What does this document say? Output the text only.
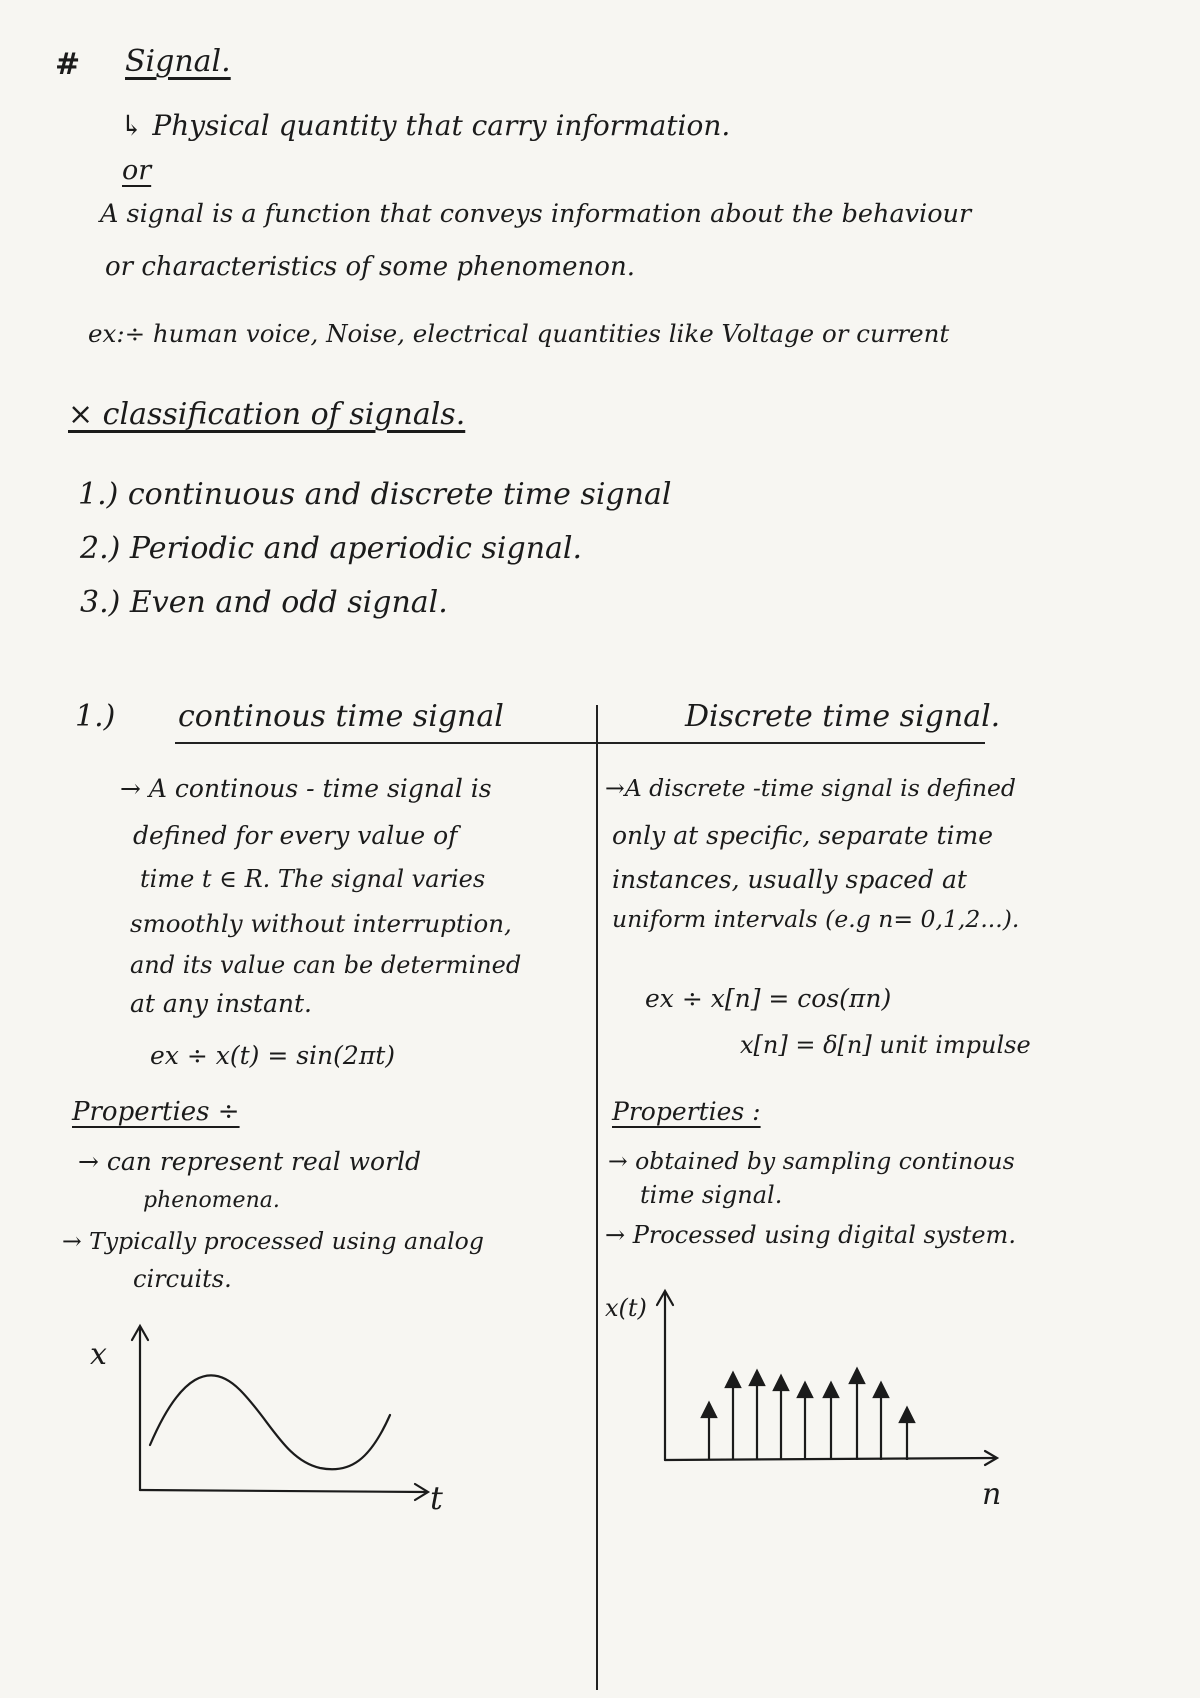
# Signal.
↳ Physical quantity that carry information.
or
A signal is a function that conveys information about the behaviour
or characteristics of some phenomenon.
ex:÷ human voice, Noise, electrical quantities like Voltage or current
× classification of signals.
1.) continuous and discrete time signal
2.) Periodic and aperiodic signal.
3.) Even and odd signal.
1.) continous time signal	Discrete time signal.
→ A continous - time signal is
defined for every value of
time t ∈ R. The signal varies
smoothly without interruption,
and its value can be determined
at any instant.
ex ÷ x(t) = sin(2πt)
→A discrete -time signal is defined
only at specific, separate time
instances, usually spaced at
uniform intervals (e.g n= 0,1,2...).
ex ÷ x[n] = cos(πn)
x[n] = δ[n] unit impulse
Properties ÷
→ can represent real world
phenomena.
→ Typically processed using analog
circuits.
Properties :
→ obtained by sampling continous
time signal.
→ Processed using digital system.
x
t
x(t)
n
